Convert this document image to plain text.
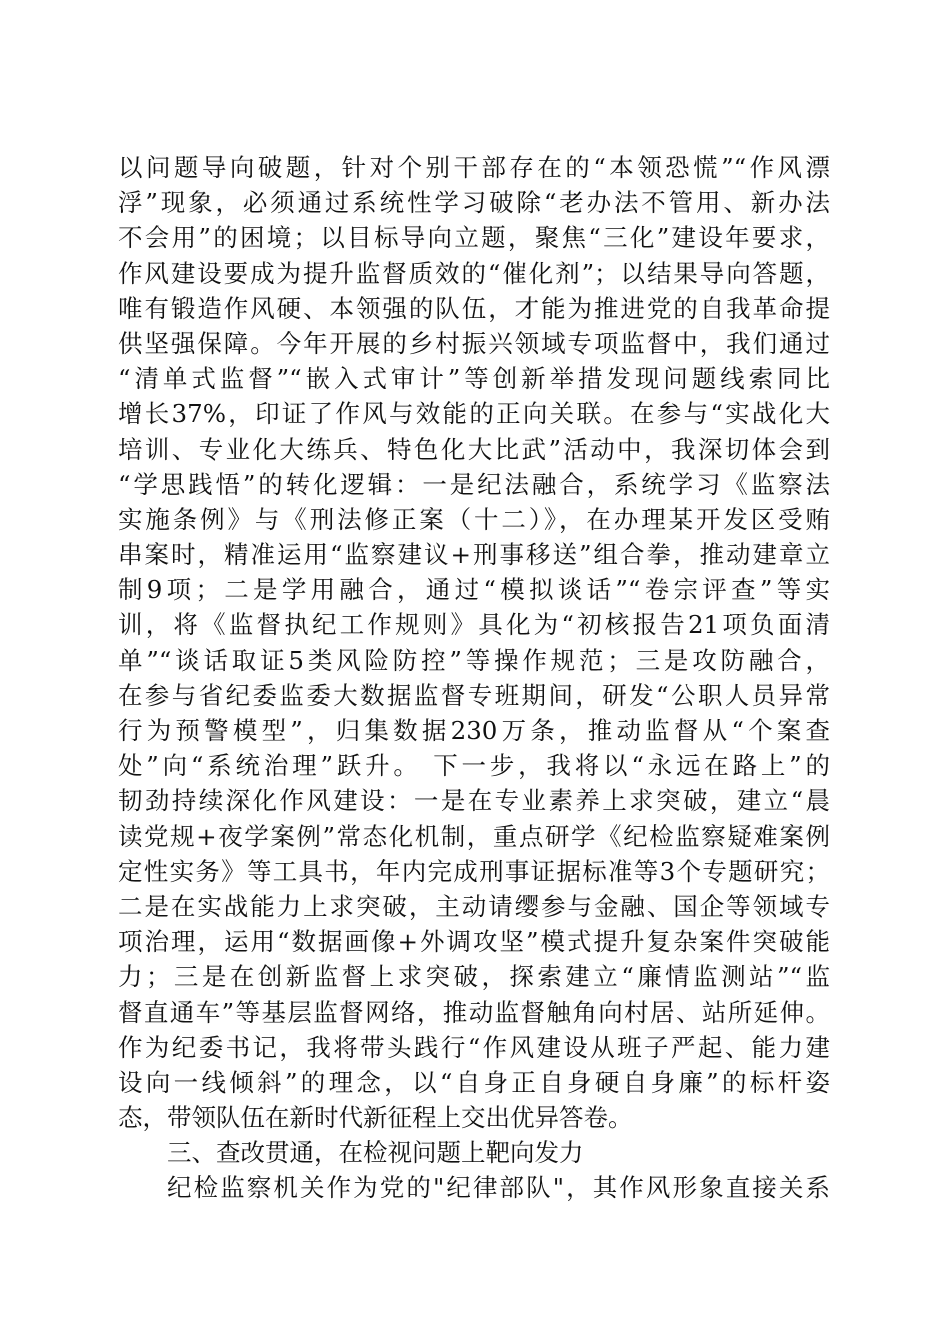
以问题导向破题，针对个别干部存在的“本领恐慌”“作风漂
浮”现象，必须通过系统性学习破除“老办法不管用、新办法
不会用”的困境；以目标导向立题，聚焦“三化”建设年要求，
作风建设要成为提升监督质效的“催化剂”；以结果导向答题，
唯有锻造作风硬、本领强的队伍，才能为推进党的自我革命提
供坚强保障。今年开展的乡村振兴领域专项监督中，我们通过
“清单式监督”“嵌入式审计”等创新举措发现问题线索同比
增长37%，印证了作风与效能的正向关联。在参与“实战化大
培训、专业化大练兵、特色化大比武”活动中，我深切体会到
“学思践悟”的转化逻辑：一是纪法融合，系统学习《监察法
实施条例》与《刑法修正案（十二）》，在办理某开发区受贿
串案时，精准运用“监察建议+刑事移送”组合拳，推动建章立
制9项；二是学用融合，通过“模拟谈话”“卷宗评查”等实
训，将《监督执纪工作规则》具化为“初核报告21项负面清
单”“谈话取证5类风险防控”等操作规范；三是攻防融合，
在参与省纪委监委大数据监督专班期间，研发“公职人员异常
行为预警模型”，归集数据230万条，推动监督从“个案查
处”向“系统治理”跃升。 下一步，我将以“永远在路上”的
韧劲持续深化作风建设：一是在专业素养上求突破，建立“晨
读党规+夜学案例”常态化机制，重点研学《纪检监察疑难案例
定性实务》等工具书，年内完成刑事证据标准等3个专题研究；
二是在实战能力上求突破，主动请缨参与金融、国企等领域专
项治理，运用“数据画像+外调攻坚”模式提升复杂案件突破能
力；三是在创新监督上求突破，探索建立“廉情监测站”“监
督直通车”等基层监督网络，推动监督触角向村居、站所延伸。
作为纪委书记，我将带头践行“作风建设从班子严起、能力建
设向一线倾斜”的理念，以“自身正自身硬自身廉”的标杆姿
态，带领队伍在新时代新征程上交出优异答卷。
三、查改贯通，在检视问题上靶向发力
纪检监察机关作为党的"纪律部队"，其作风形象直接关系
